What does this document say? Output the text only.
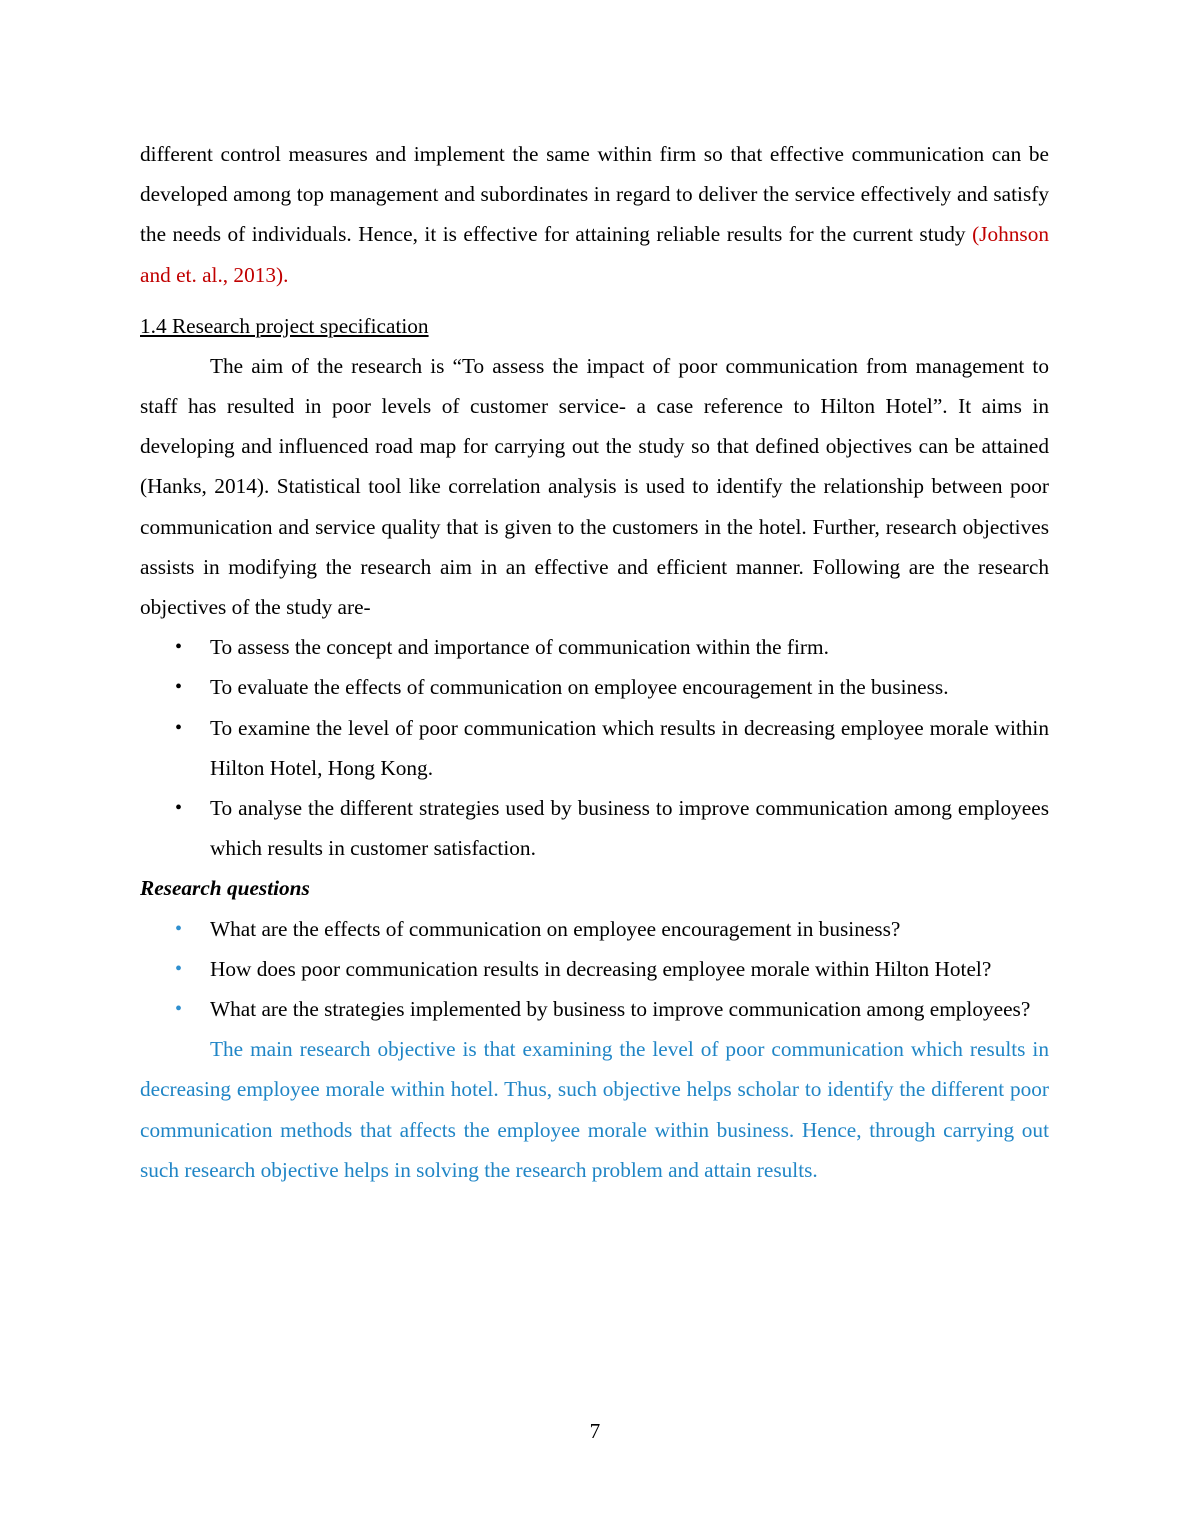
different control measures and implement the same within firm so that effective communication can be developed among top management and subordinates in regard to deliver the service effectively and satisfy the needs of individuals. Hence, it is effective for attaining reliable results for the current study (Johnson and et. al., 2013).

1.4 Research project specification

The aim of the research is “To assess the impact of poor communication from management to staff has resulted in poor levels of customer service- a case reference to Hilton Hotel”. It aims in developing and influenced road map for carrying out the study so that defined objectives can be attained (Hanks, 2014). Statistical tool like correlation analysis is used to identify the relationship between poor communication and service quality that is given to the customers in the hotel. Further, research objectives assists in modifying the research aim in an effective and efficient manner. Following are the research objectives of the study are-

•	To assess the concept and importance of communication within the firm.
•	To evaluate the effects of communication on employee encouragement in the business.
•	To examine the level of poor communication which results in decreasing employee morale within Hilton Hotel, Hong Kong.
•	To analyse the different strategies used by business to improve communication among employees which results in customer satisfaction.
Research questions
•	What are the effects of communication on employee encouragement in business?
•	How does poor communication results in decreasing employee morale within Hilton Hotel?
•	What are the strategies implemented by business to improve communication among employees?

The main research objective is that examining the level of poor communication which results in decreasing employee morale within hotel. Thus, such objective helps scholar to identify the different poor communication methods that affects the employee morale within business. Hence, through carrying out such research objective helps in solving the research problem and attain results.

7
